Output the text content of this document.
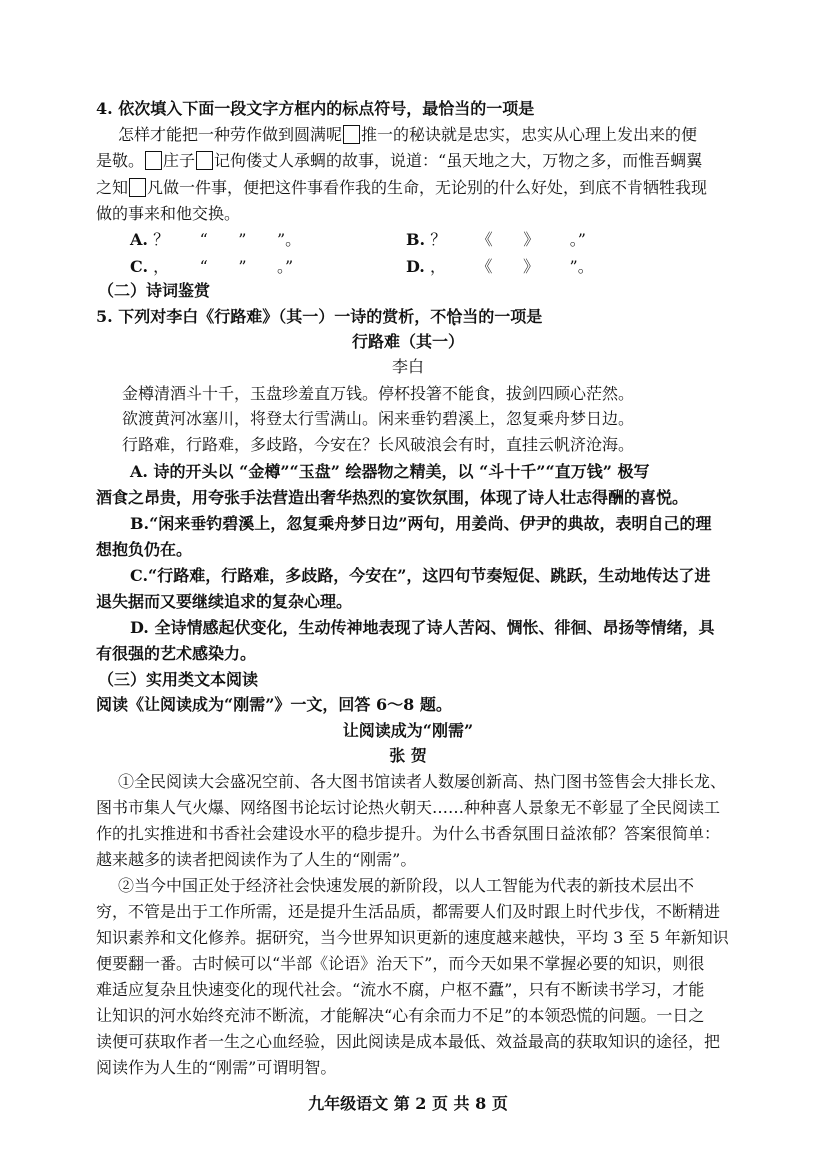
4. 依次填入下面一段文字方框内的标点符号，最恰当的一项是
怎样才能把一种劳作做到圆满呢 推一的秘诀就是忠实，忠实从心理上发出来的便
是敬。 庄子 记佝偻丈人承蜩的故事，说道：“虽天地之大，万物之多，而惟吾蜩翼
之知 凡做一件事，便把这件事看作我的生命，无论别的什么好处，到底不肯牺牲我现
做的事来和他交换。
A. ？      “      ”      ”。	B. ？      《      》      。”
C. ，      “      ”      。”	D. ，      《      》      ”。
（二）诗词鉴赏
5. 下列对李白《行路难》（其一）一诗的赏析，不恰当的一项是
行路难（其一）
李白
金樽清酒斗十千，玉盘珍羞直万钱。停杯投箸不能食，拔剑四顾心茫然。
欲渡黄河冰塞川，将登太行雪满山。闲来垂钓碧溪上，忽复乘舟梦日边。
行路难，行路难，多歧路，今安在？长风破浪会有时，直挂云帆济沧海。
A. 诗的开头以 “金樽”“玉盘” 绘器物之精美，以 “斗十千”“直万钱” 极写
酒食之昂贵，用夸张手法营造出奢华热烈的宴饮氛围，体现了诗人壮志得酬的喜悦。
B.“闲来垂钓碧溪上，忽复乘舟梦日边”两句，用姜尚、伊尹的典故，表明自己的理
想抱负仍在。
C.“行路难，行路难，多歧路，今安在”，这四句节奏短促、跳跃，生动地传达了进
退失据而又要继续追求的复杂心理。
D. 全诗情感起伏变化，生动传神地表现了诗人苦闷、惆怅、徘徊、昂扬等情绪，具
有很强的艺术感染力。
（三）实用类文本阅读
阅读《让阅读成为“刚需”》一文，回答 6～8 题。
让阅读成为“刚需”
张 贺
①全民阅读大会盛况空前、各大图书馆读者人数屡创新高、热门图书签售会大排长龙、
图书市集人气火爆、网络图书论坛讨论热火朝天……种种喜人景象无不彰显了全民阅读工
作的扎实推进和书香社会建设水平的稳步提升。为什么书香氛围日益浓郁？答案很简单：
越来越多的读者把阅读作为了人生的“刚需”。
②当今中国正处于经济社会快速发展的新阶段，以人工智能为代表的新技术层出不
穷，不管是出于工作所需，还是提升生活品质，都需要人们及时跟上时代步伐，不断精进
知识素养和文化修养。据研究，当今世界知识更新的速度越来越快，平均 3 至 5 年新知识
便要翻一番。古时候可以“半部《论语》治天下”，而今天如果不掌握必要的知识，则很
难适应复杂且快速变化的现代社会。“流水不腐，户枢不蠹”，只有不断读书学习，才能
让知识的河水始终充沛不断流，才能解决“心有余而力不足”的本领恐慌的问题。一日之
读便可获取作者一生之心血经验，因此阅读是成本最低、效益最高的获取知识的途径，把
阅读作为人生的“刚需”可谓明智。
九年级语文 第 2 页 共 8 页
